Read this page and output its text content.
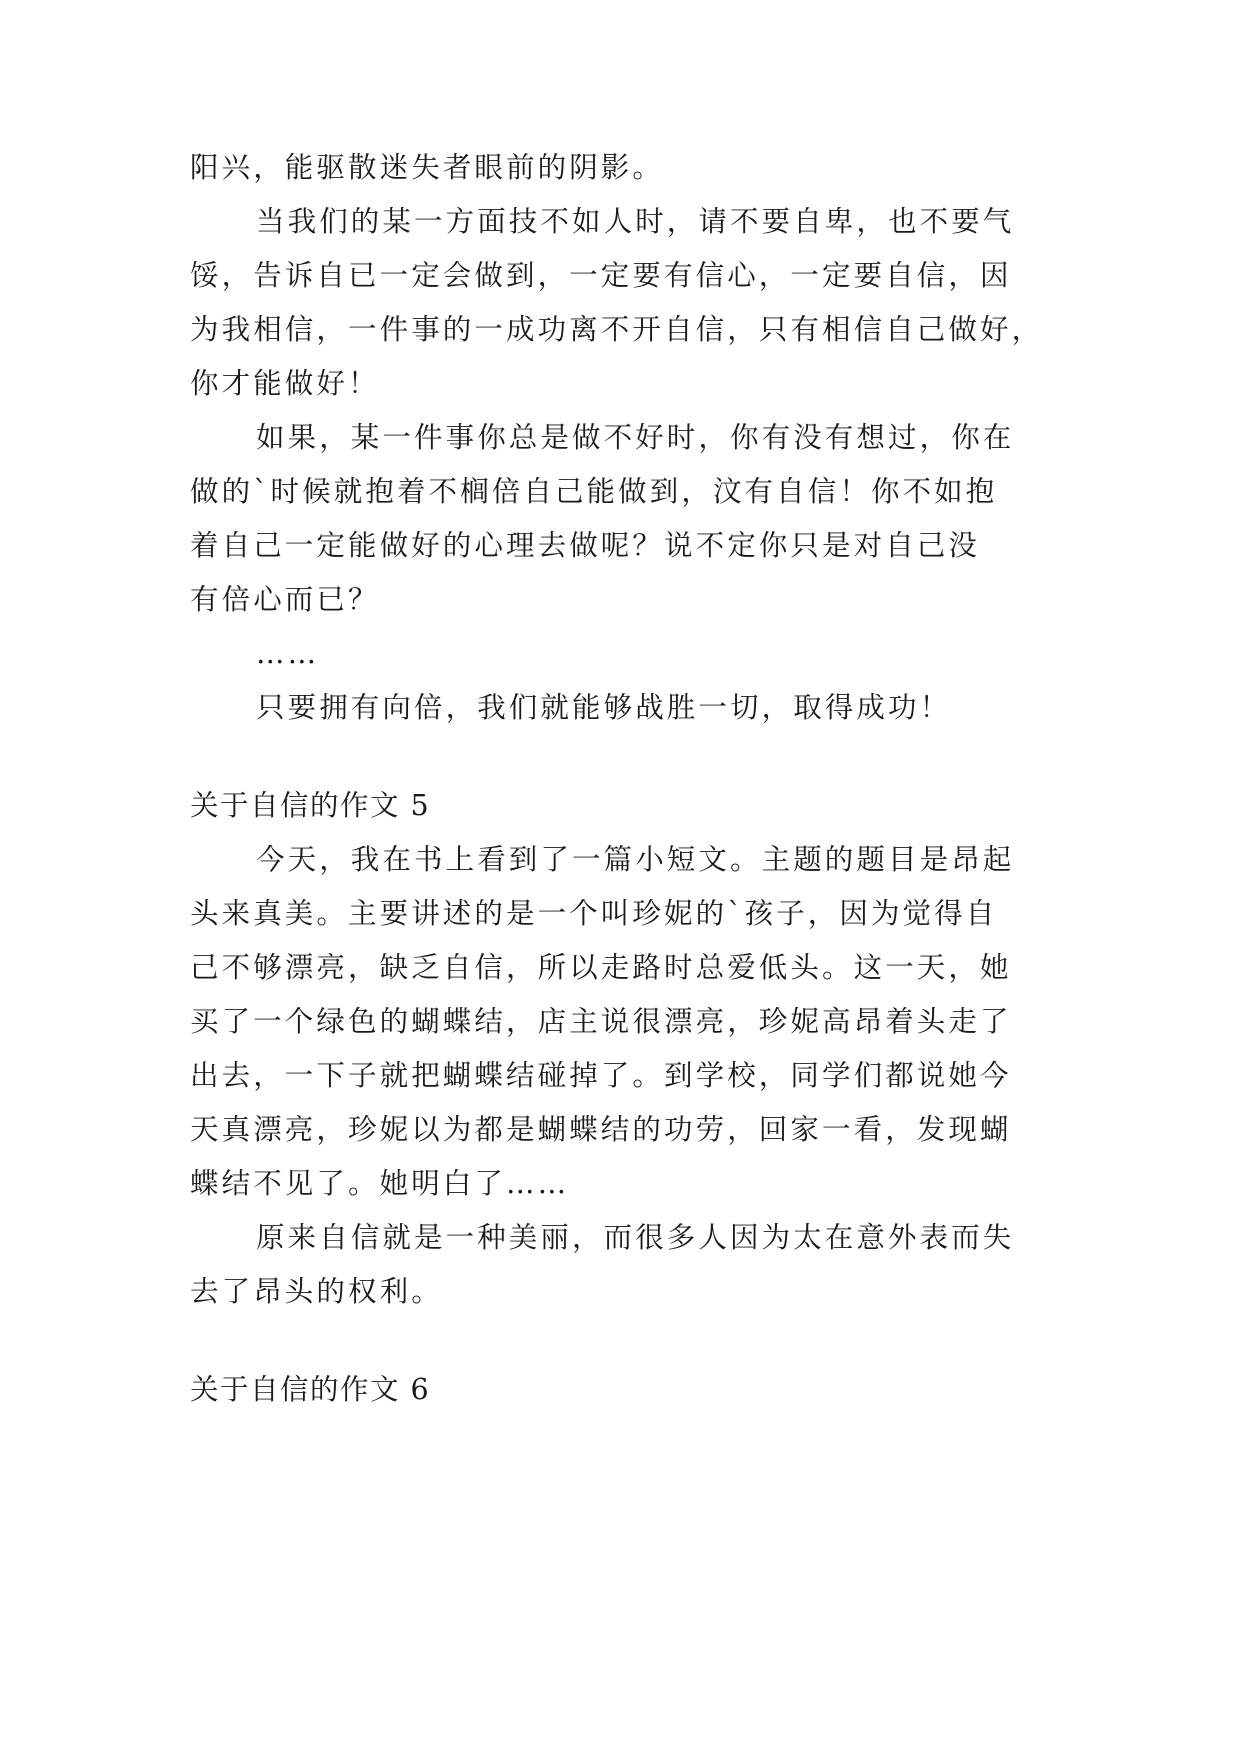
阳兴，能驱散迷失者眼前的阴影。
当我们的某一方面技不如人时，请不要自卑，也不要气
馁，告诉自已一定会做到，一定要有信心，一定要自信，因
为我相信，一件事的一成功离不开自信，只有相信自己做好，
你才能做好！
如果，某一件事你总是做不好时，你有没有想过，你在
做的`时候就抱着不榈倍自己能做到，汶有自信！你不如抱
着自己一定能做好的心理去做呢？说不定你只是对自己没
有倍心而已？
……
只要拥有向倍，我们就能够战胜一切，取得成功！
关于自信的作文 5
今天，我在书上看到了一篇小短文。主题的题目是昂起
头来真美。主要讲述的是一个叫珍妮的`孩子，因为觉得自
己不够漂亮，缺乏自信，所以走路时总爱低头。这一天，她
买了一个绿色的蝴蝶结，店主说很漂亮，珍妮高昂着头走了
出去，一下子就把蝴蝶结碰掉了。到学校，同学们都说她今
天真漂亮，珍妮以为都是蝴蝶结的功劳，回家一看，发现蝴
蝶结不见了。她明白了……
原来自信就是一种美丽，而很多人因为太在意外表而失
去了昂头的权利。
关于自信的作文 6
